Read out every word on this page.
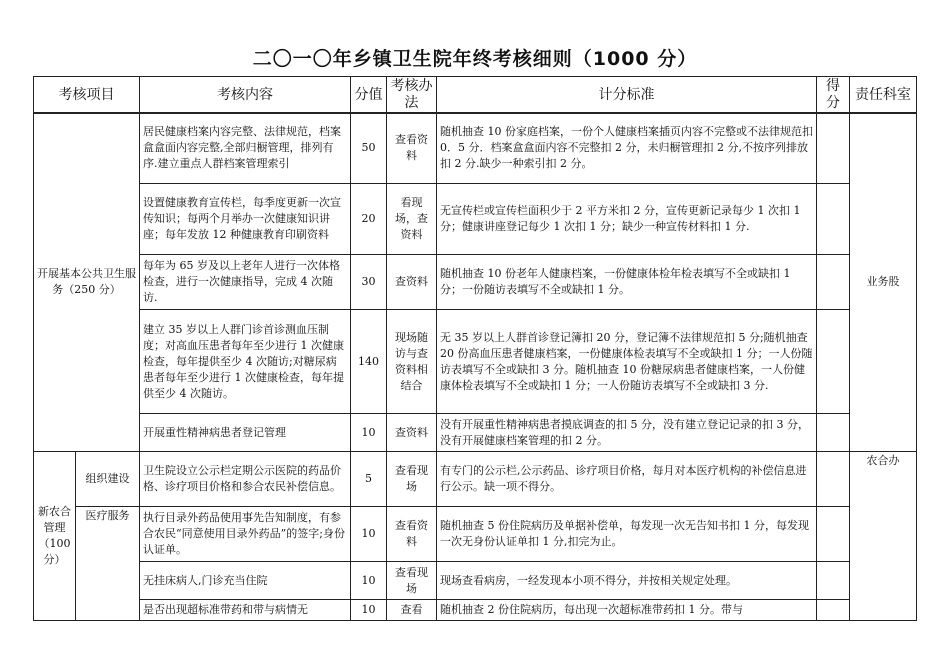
二〇一〇年乡镇卫生院年终考核细则（1000 分）
考核项目	考核内容	分值	考核办法	计分标准	得分	责任科室
开展基本公共卫生服务（250 分）		居民健康档案内容完整、法律规范，档案盒盒面内容完整,全部归橱管理，排列有序.建立重点人群档案管理索引	50	查看资料	随机抽查 10 份家庭档案，一份个人健康档案插页内容不完整或不法律规范扣 0．5 分．档案盒盒面内容不完整扣 2 分，未归橱管理扣 2 分,不按序列排放扣 2 分.缺少一种索引扣 2 分。		业务股
		设置健康教育宣传栏，每季度更新一次宣传知识；每两个月举办一次健康知识讲座；每年发放 12 种健康教育印刷资料	20	看现场，查资料	无宣传栏或宣传栏面积少于 2 平方米扣 2 分，宣传更新记录每少 1 次扣 1 分；健康讲座登记每少 1 次扣 1 分；缺少一种宣传材料扣 1 分.		
		每年为 65 岁及以上老年人进行一次体格检查，进行一次健康指导，完成 4 次随访.	30	查资料	随机抽查 10 份老年人健康档案，一份健康体检年检表填写不全或缺扣 1 分；一份随访表填写不全或缺扣 1 分。		
		建立 35 岁以上人群门诊首诊测血压制度；对高血压患者每年至少进行 1 次健康检查，每年提供至少 4 次随访;对糖尿病患者每年至少进行 1 次健康检查，每年提供至少 4 次随访。	140	现场随访与查资料相结合	无 35 岁以上人群首诊登记簿扣 20 分，登记簿不法律规范扣 5 分;随机抽查 20 份高血压患者健康档案，一份健康体检表填写不全或缺扣 1 分；一人份随访表填写不全或缺扣 3 分。随机抽查 10 份糖尿病患者健康档案，一人份健康体检表填写不全或缺扣 1 分；一人份随访表填写不全或缺扣 3 分.		
		开展重性精神病患者登记管理	10	查资料	没有开展重性精神病患者摸底调查的扣 5 分，没有建立登记记录的扣 3 分，没有开展健康档案管理的扣 2 分。		
新农合管理（100 分）	组织建设	卫生院设立公示栏定期公示医院的药品价格、诊疗项目价格和参合农民补偿信息。	5	查看现场	有专门的公示栏,公示药品、诊疗项目价格，每月对本医疗机构的补偿信息进行公示。缺一项不得分。		农合办
	医疗服务	执行目录外药品使用事先告知制度，有参合农民“同意使用目录外药品”的签字;身份认证单。	10	查看资料	随机抽查 5 份住院病历及单据补偿单，每发现一次无告知书扣 1 分，每发现一次无身份认证单扣 1 分,扣完为止。		
		无挂床病人,门诊充当住院	10	查看现场	现场查看病房，一经发现本小项不得分，并按相关规定处理。		
		是否出现超标准带药和带与病情无	10	查看	随机抽查 2 份住院病历，每出现一次超标准带药扣 1 分。带与		
